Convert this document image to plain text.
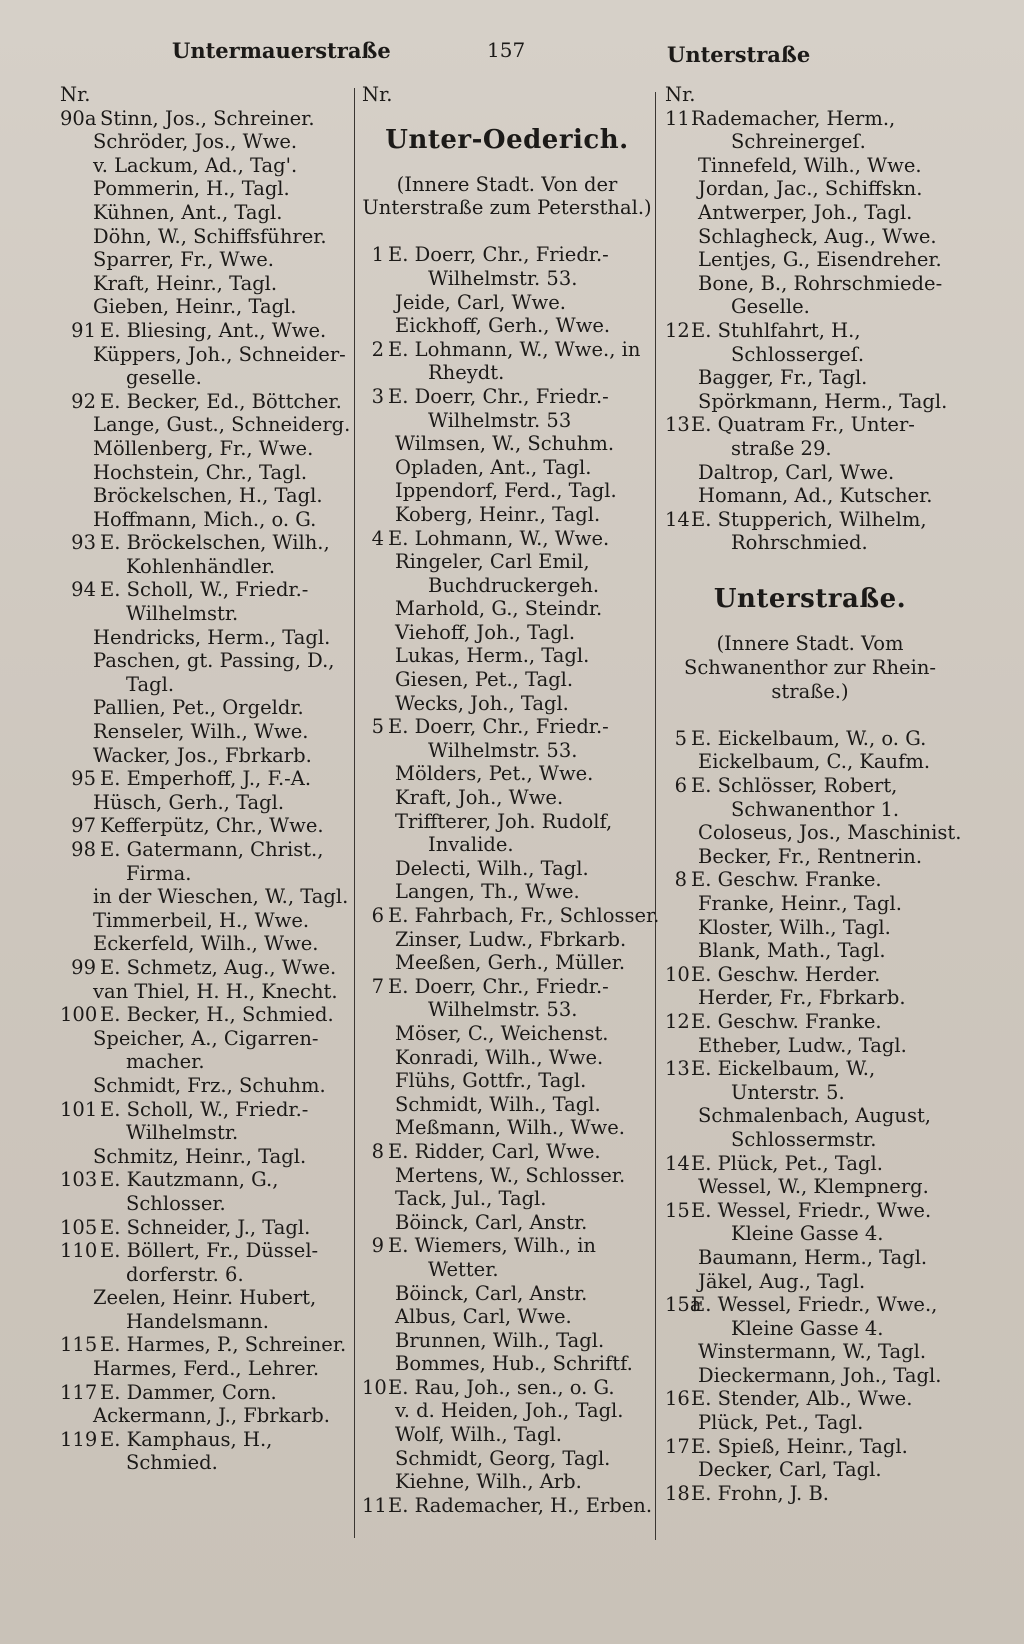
Untermauerstraße	157	Unterstraße
Nr.
90a Stinn, Jos., Schreiner.
Schröder, Jos., Wwe.
v. Lackum, Ad., Tag'.
Pommerin, H., Tagl.
Kühnen, Ant., Tagl.
Döhn, W., Schiffsführer.
Sparrer, Fr., Wwe.
Kraft, Heinr., Tagl.
Gieben, Heinr., Tagl.
91 E. Bliesing, Ant., Wwe.
Küppers, Joh., Schneider-
geselle.
92 E. Becker, Ed., Böttcher.
Lange, Gust., Schneiderg.
Möllenberg, Fr., Wwe.
Hochstein, Chr., Tagl.
Bröckelschen, H., Tagl.
Hoffmann, Mich., o. G.
93 E. Bröckelschen, Wilh.,
Kohlenhändler.
94 E. Scholl, W., Friedr.-
Wilhelmstr.
Hendricks, Herm., Tagl.
Paschen, gt. Passing, D.,
Tagl.
Pallien, Pet., Orgeldr.
Renseler, Wilh., Wwe.
Wacker, Jos., Fbrkarb.
95 E. Emperhoff, J., F.-A.
Hüsch, Gerh., Tagl.
97 Kefferpütz, Chr., Wwe.
98 E. Gatermann, Christ.,
Firma.
in der Wieschen, W., Tagl.
Timmerbeil, H., Wwe.
Eckerfeld, Wilh., Wwe.
99 E. Schmetz, Aug., Wwe.
van Thiel, H. H., Knecht.
100 E. Becker, H., Schmied.
Speicher, A., Cigarren-
macher.
Schmidt, Frz., Schuhm.
101 E. Scholl, W., Friedr.-
Wilhelmstr.
Schmitz, Heinr., Tagl.
103 E. Kautzmann, G.,
Schlosser.
105 E. Schneider, J., Tagl.
110 E. Böllert, Fr., Düssel-
dorferstr. 6.
Zeelen, Heinr. Hubert,
Handelsmann.
115 E. Harmes, P., Schreiner.
Harmes, Ferd., Lehrer.
117 E. Dammer, Corn.
Ackermann, J., Fbrkarb.
119 E. Kamphaus, H.,
Schmied.
Nr.
Unter-Oederich.
(Innere Stadt. Von der
Unterstraße zum Petersthal.)
1 E. Doerr, Chr., Friedr.-
Wilhelmstr. 53.
Jeide, Carl, Wwe.
Eickhoff, Gerh., Wwe.
2 E. Lohmann, W., Wwe., in
Rheydt.
3 E. Doerr, Chr., Friedr.-
Wilhelmstr. 53
Wilmsen, W., Schuhm.
Opladen, Ant., Tagl.
Ippendorf, Ferd., Tagl.
Koberg, Heinr., Tagl.
4 E. Lohmann, W., Wwe.
Ringeler, Carl Emil,
Buchdruckergeh.
Marhold, G., Steindr.
Viehoff, Joh., Tagl.
Lukas, Herm., Tagl.
Giesen, Pet., Tagl.
Wecks, Joh., Tagl.
5 E. Doerr, Chr., Friedr.-
Wilhelmstr. 53.
Mölders, Pet., Wwe.
Kraft, Joh., Wwe.
Triffterer, Joh. Rudolf,
Invalide.
Delecti, Wilh., Tagl.
Langen, Th., Wwe.
6 E. Fahrbach, Fr., Schlosser.
Zinser, Ludw., Fbrkarb.
Meeßen, Gerh., Müller.
7 E. Doerr, Chr., Friedr.-
Wilhelmstr. 53.
Möser, C., Weichenst.
Konradi, Wilh., Wwe.
Flühs, Gottfr., Tagl.
Schmidt, Wilh., Tagl.
Meßmann, Wilh., Wwe.
8 E. Ridder, Carl, Wwe.
Mertens, W., Schlosser.
Tack, Jul., Tagl.
Böinck, Carl, Anstr.
9 E. Wiemers, Wilh., in
Wetter.
Böinck, Carl, Anstr.
Albus, Carl, Wwe.
Brunnen, Wilh., Tagl.
Bommes, Hub., Schriftf.
10E. Rau, Joh., sen., o. G.
v. d. Heiden, Joh., Tagl.
Wolf, Wilh., Tagl.
Schmidt, Georg, Tagl.
Kiehne, Wilh., Arb.
11E. Rademacher, H., Erben.
Nr.
11Rademacher, Herm.,
Schreinergeſ.
Tinnefeld, Wilh., Wwe.
Jordan, Jac., Schiffskn.
Antwerper, Joh., Tagl.
Schlagheck, Aug., Wwe.
Lentjes, G., Eisendreher.
Bone, B., Rohrschmiede-
Geselle.
12E. Stuhlfahrt, H.,
Schlossergeſ.
Bagger, Fr., Tagl.
Spörkmann, Herm., Tagl.
13E. Quatram Fr., Unter-
straße 29.
Daltrop, Carl, Wwe.
Homann, Ad., Kutscher.
14E. Stupperich, Wilhelm,
Rohrschmied.
Unterstraße.
(Innere Stadt. Vom
Schwanenthor zur Rhein-
straße.)
5 E. Eickelbaum, W., o. G.
Eickelbaum, C., Kaufm.
6 E. Schlösser, Robert,
Schwanenthor 1.
Coloseus, Jos., Maschinist.
Becker, Fr., Rentnerin.
8 E. Geschw. Franke.
Franke, Heinr., Tagl.
Kloster, Wilh., Tagl.
Blank, Math., Tagl.
10E. Geschw. Herder.
Herder, Fr., Fbrkarb.
12E. Geschw. Franke.
Etheber, Ludw., Tagl.
13E. Eickelbaum, W.,
Unterstr. 5.
Schmalenbach, August,
Schlossermstr.
14E. Plück, Pet., Tagl.
Wessel, W., Klempnerg.
15E. Wessel, Friedr., Wwe.
Kleine Gasse 4.
Baumann, Herm., Tagl.
Jäkel, Aug., Tagl.
15aE. Wessel, Friedr., Wwe.,
Kleine Gasse 4.
Winstermann, W., Tagl.
Dieckermann, Joh., Tagl.
16E. Stender, Alb., Wwe.
Plück, Pet., Tagl.
17E. Spieß, Heinr., Tagl.
Decker, Carl, Tagl.
18E. Frohn, J. B.
